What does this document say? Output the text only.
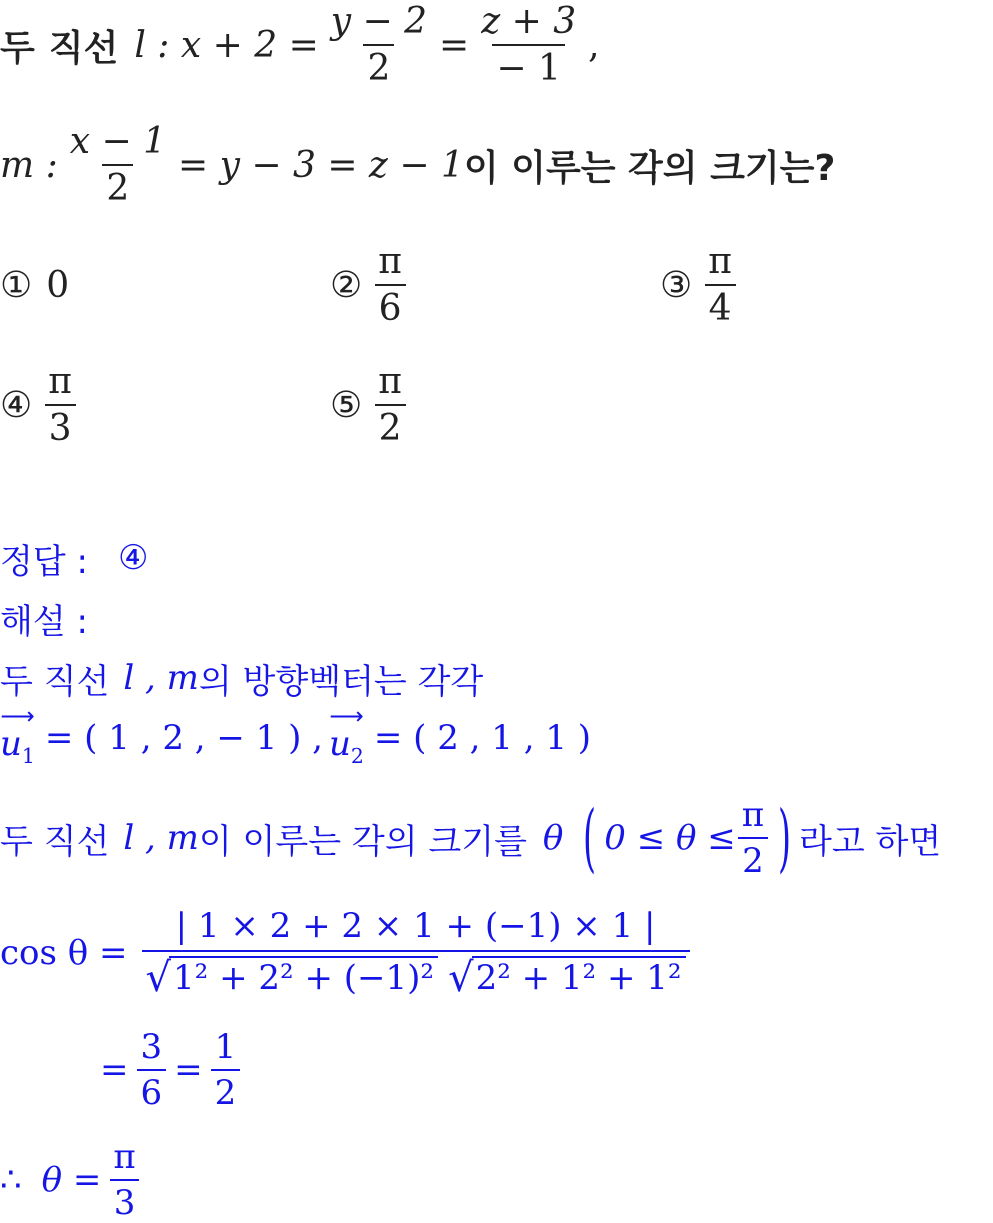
두 직선 l : $x + 2 = \frac{y - 2}{2} = \frac{z + 3}{- 1}$ ,
m : $\frac{x - 1}{2} = y - 3 = z - 1$ 이 이루는 각의 크기는?
① 0	② $\frac{\pi}{6}$	③ $\frac{\pi}{4}$
④ $\frac{\pi}{3}$	⑤ $\frac{\pi}{2}$
정답 : ④
해설 :
두 직선 l , m 의 방향벡터는 각각
⟶
$u_1$ = ( 1 , 2 , − 1 ) ,
⟶
$u_2$ = ( 2 , 1 , 1 )
두 직선 l , m 이 이루는 각의 크기를 θ ( $0 \le \theta \le \frac{\pi}{2}$ ) 라고 하면
$\cos \theta = \frac{| 1 \times 2 + 2 \times 1 + (-1) \times 1 |}{\text{√ 1² + 2² + (−1)² √ 2² + 1² + 1²}}$
= $\frac{3}{6} = \frac{1}{2}$
∴ $\theta = \frac{\pi}{3}$
